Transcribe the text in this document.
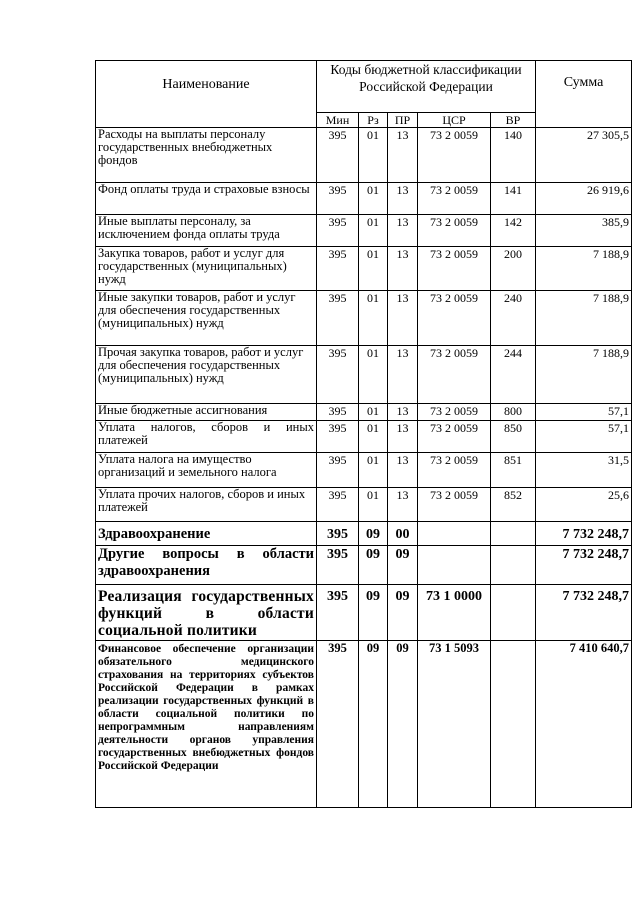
Наименование	Коды бюджетной классификации Российской Федерации					Сумма
	Мин	Рз	ПР	ЦСР	ВР	
Расходы на выплаты персоналу государственных внебюджетных фондов	395	01	13	73 2 0059	140	27 305,5
Фонд оплаты труда и страховые взносы	395	01	13	73 2 0059	141	26 919,6
Иные выплаты персоналу, за исключением фонда оплаты труда	395	01	13	73 2 0059	142	385,9
Закупка товаров, работ и услуг для государственных (муниципальных) нужд	395	01	13	73 2 0059	200	7 188,9
Иные закупки товаров, работ и услуг для обеспечения государственных (муниципальных) нужд	395	01	13	73 2 0059	240	7 188,9
Прочая закупка товаров, работ и услуг для обеспечения государственных (муниципальных) нужд	395	01	13	73 2 0059	244	7 188,9
Иные бюджетные ассигнования	395	01	13	73 2 0059	800	57,1
Уплата налогов, сборов и иных платежей	395	01	13	73 2 0059	850	57,1
Уплата налога на имущество организаций и земельного налога	395	01	13	73 2 0059	851	31,5
Уплата прочих налогов, сборов и иных платежей	395	01	13	73 2 0059	852	25,6
Здравоохранение	395	09	00			7 732 248,7
Другие вопросы в области здравоохранения	395	09	09			7 732 248,7
Реализация государственных функций в области социальной политики	395	09	09	73 1 0000		7 732 248,7
Финансовое обеспечение организации обязательного медицинского страхования на территориях субъектов Российской Федерации в рамках реализации государственных функций в области социальной политики по непрограммным направлениям деятельности органов управления государственных внебюджетных фондов Российской Федерации	395	09	09	73 1 5093		7 410 640,7
